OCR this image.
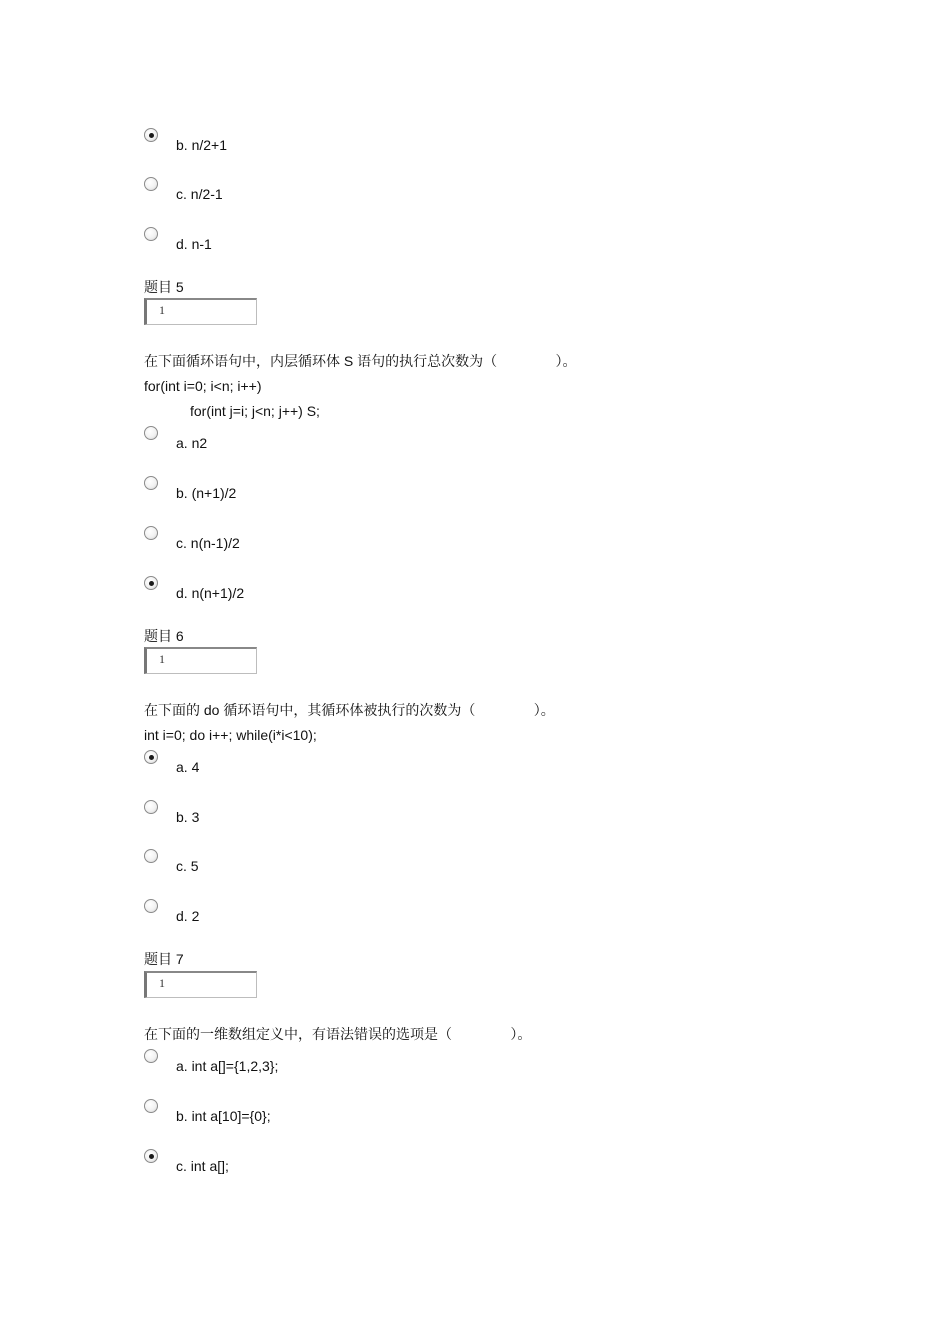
b. n/2+1
c. n/2-1
d. n-1
题目 5
1
在下面循环语句中，内层循环体 S 语句的执行总次数为（               ）。
for(int i=0; i<n; i++)
for(int j=i; j<n; j++) S;
a. n2
b. (n+1)/2
c. n(n-1)/2
d. n(n+1)/2
题目 6
1
在下面的 do 循环语句中，其循环体被执行的次数为（               ）。
int i=0; do i++; while(i*i<10);
a. 4
b. 3
c. 5
d. 2
题目 7
1
在下面的一维数组定义中，有语法错误的选项是（               ）。
a. int a[]={1,2,3};
b. int a[10]={0};
c. int a[];
